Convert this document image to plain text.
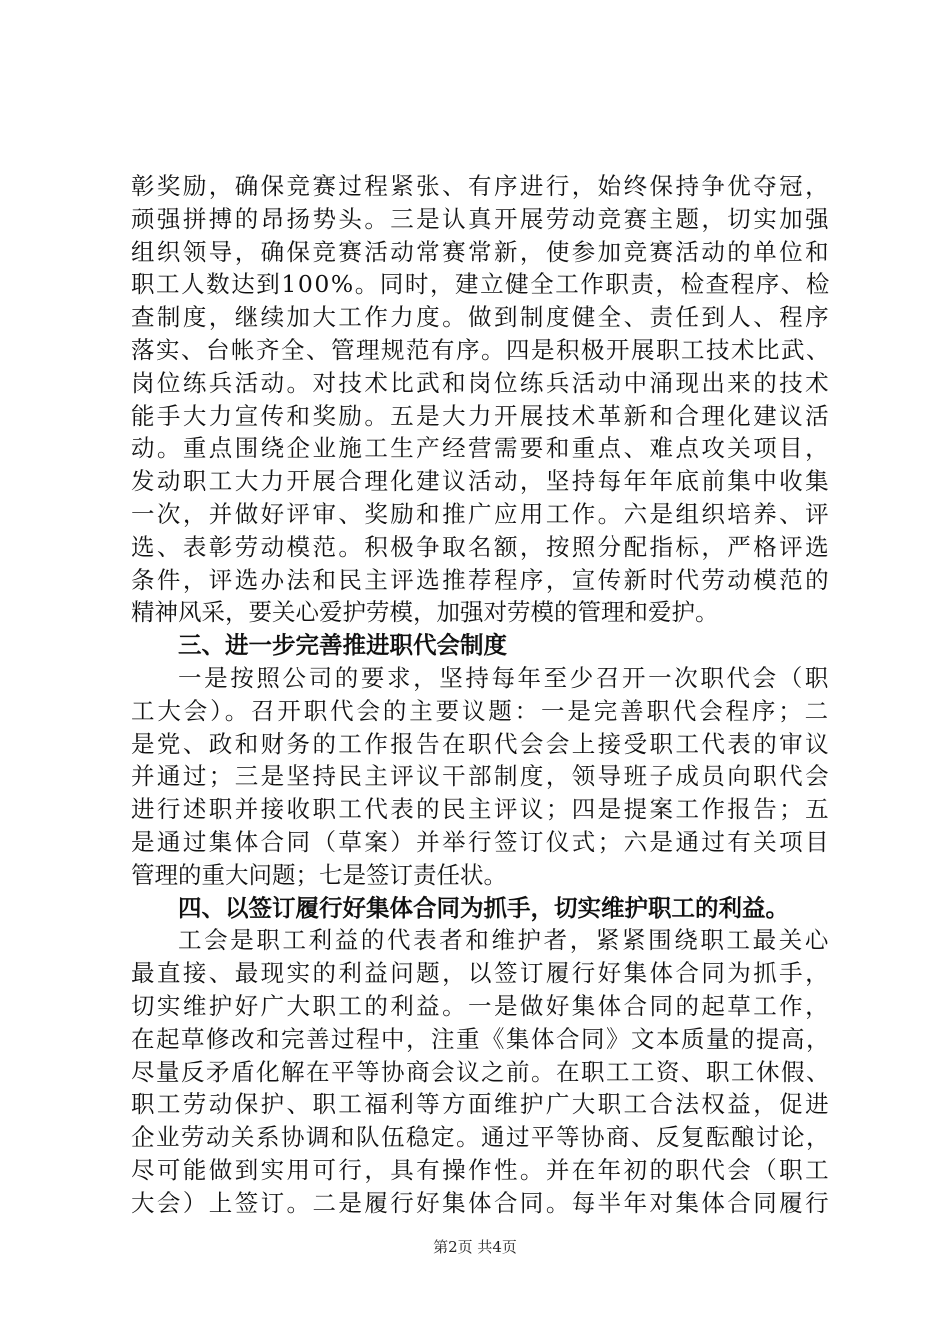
彰奖励，确保竞赛过程紧张、有序进行，始终保持争优夺冠，
顽强拼搏的昂扬势头。三是认真开展劳动竞赛主题，切实加强
组织领导，确保竞赛活动常赛常新，使参加竞赛活动的单位和
职工人数达到100%。同时，建立健全工作职责，检查程序、检
查制度，继续加大工作力度。做到制度健全、责任到人、程序
落实、台帐齐全、管理规范有序。四是积极开展职工技术比武、
岗位练兵活动。对技术比武和岗位练兵活动中涌现出来的技术
能手大力宣传和奖励。五是大力开展技术革新和合理化建议活
动。重点围绕企业施工生产经营需要和重点、难点攻关项目，
发动职工大力开展合理化建议活动，坚持每年年底前集中收集
一次，并做好评审、奖励和推广应用工作。六是组织培养、评
选、表彰劳动模范。积极争取名额，按照分配指标，严格评选
条件，评选办法和民主评选推荐程序，宣传新时代劳动模范的
精神风采，要关心爱护劳模，加强对劳模的管理和爱护。
三、进一步完善推进职代会制度
一是按照公司的要求，坚持每年至少召开一次职代会（职
工大会）。召开职代会的主要议题：一是完善职代会程序；二
是党、政和财务的工作报告在职代会会上接受职工代表的审议
并通过；三是坚持民主评议干部制度，领导班子成员向职代会
进行述职并接收职工代表的民主评议；四是提案工作报告；五
是通过集体合同（草案）并举行签订仪式；六是通过有关项目
管理的重大问题；七是签订责任状。
四、以签订履行好集体合同为抓手，切实维护职工的利益。
工会是职工利益的代表者和维护者，紧紧围绕职工最关心
最直接、最现实的利益问题，以签订履行好集体合同为抓手，
切实维护好广大职工的利益。一是做好集体合同的起草工作，
在起草修改和完善过程中，注重《集体合同》文本质量的提高，
尽量反矛盾化解在平等协商会议之前。在职工工资、职工休假、
职工劳动保护、职工福利等方面维护广大职工合法权益，促进
企业劳动关系协调和队伍稳定。通过平等协商、反复酝酿讨论，
尽可能做到实用可行，具有操作性。并在年初的职代会（职工
大会）上签订。二是履行好集体合同。每半年对集体合同履行
第2页 共4页
